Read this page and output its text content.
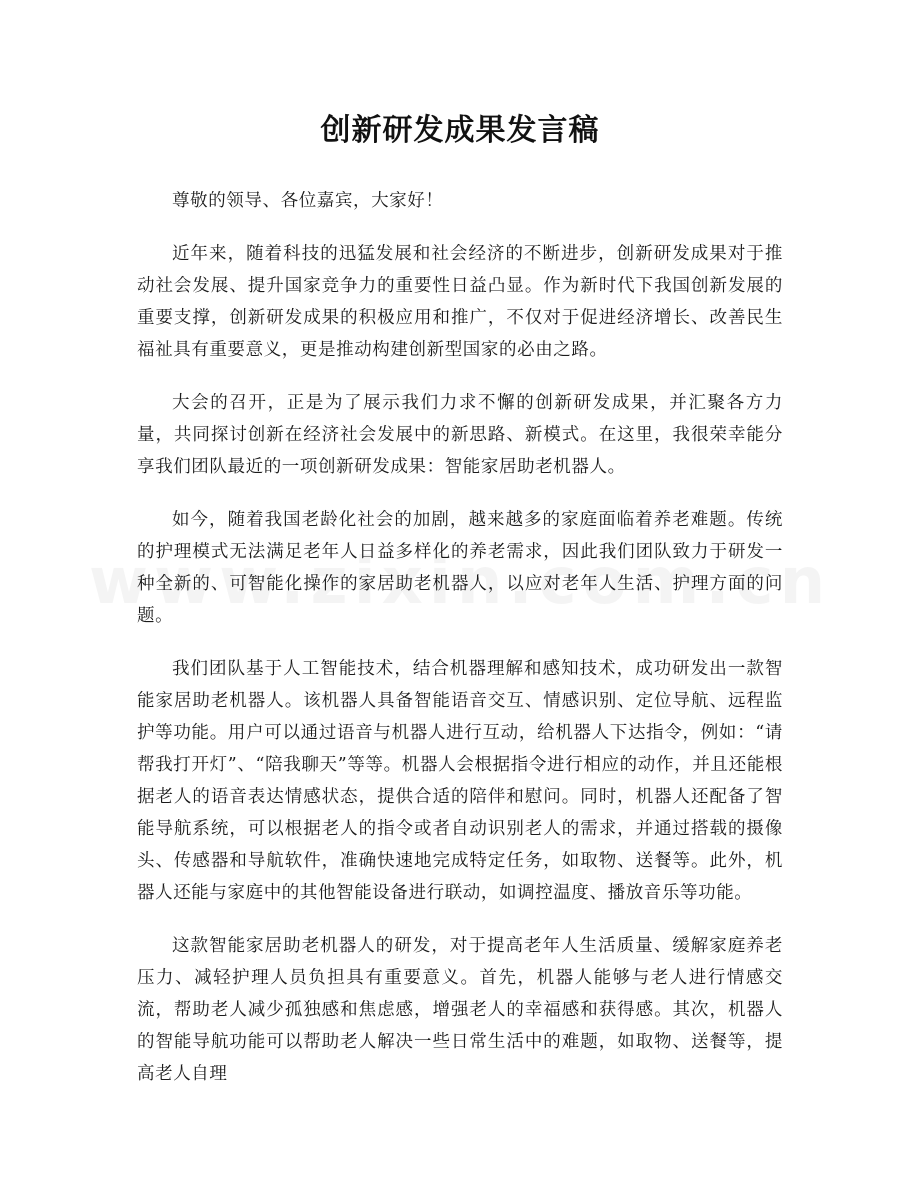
创新研发成果发言稿

尊敬的领导、各位嘉宾，大家好！

近年来，随着科技的迅猛发展和社会经济的不断进步，创新研发成果对于推动社会发展、提升国家竞争力的重要性日益凸显。作为新时代下我国创新发展的重要支撑，创新研发成果的积极应用和推广，不仅对于促进经济增长、改善民生福祉具有重要意义，更是推动构建创新型国家的必由之路。

大会的召开，正是为了展示我们力求不懈的创新研发成果，并汇聚各方力量，共同探讨创新在经济社会发展中的新思路、新模式。在这里，我很荣幸能分享我们团队最近的一项创新研发成果：智能家居助老机器人。

如今，随着我国老龄化社会的加剧，越来越多的家庭面临着养老难题。传统的护理模式无法满足老年人日益多样化的养老需求，因此我们团队致力于研发一种全新的、可智能化操作的家居助老机器人，以应对老年人生活、护理方面的问题。

我们团队基于人工智能技术，结合机器理解和感知技术，成功研发出一款智能家居助老机器人。该机器人具备智能语音交互、情感识别、定位导航、远程监护等功能。用户可以通过语音与机器人进行互动，给机器人下达指令，例如：“请帮我打开灯”、“陪我聊天”等等。机器人会根据指令进行相应的动作，并且还能根据老人的语音表达情感状态，提供合适的陪伴和慰问。同时，机器人还配备了智能导航系统，可以根据老人的指令或者自动识别老人的需求，并通过搭载的摄像头、传感器和导航软件，准确快速地完成特定任务，如取物、送餐等。此外，机器人还能与家庭中的其他智能设备进行联动，如调控温度、播放音乐等功能。

这款智能家居助老机器人的研发，对于提高老年人生活质量、缓解家庭养老压力、减轻护理人员负担具有重要意义。首先，机器人能够与老人进行情感交流，帮助老人减少孤独感和焦虑感，增强老人的幸福感和获得感。其次，机器人的智能导航功能可以帮助老人解决一些日常生活中的难题，如取物、送餐等，提高老人自理
